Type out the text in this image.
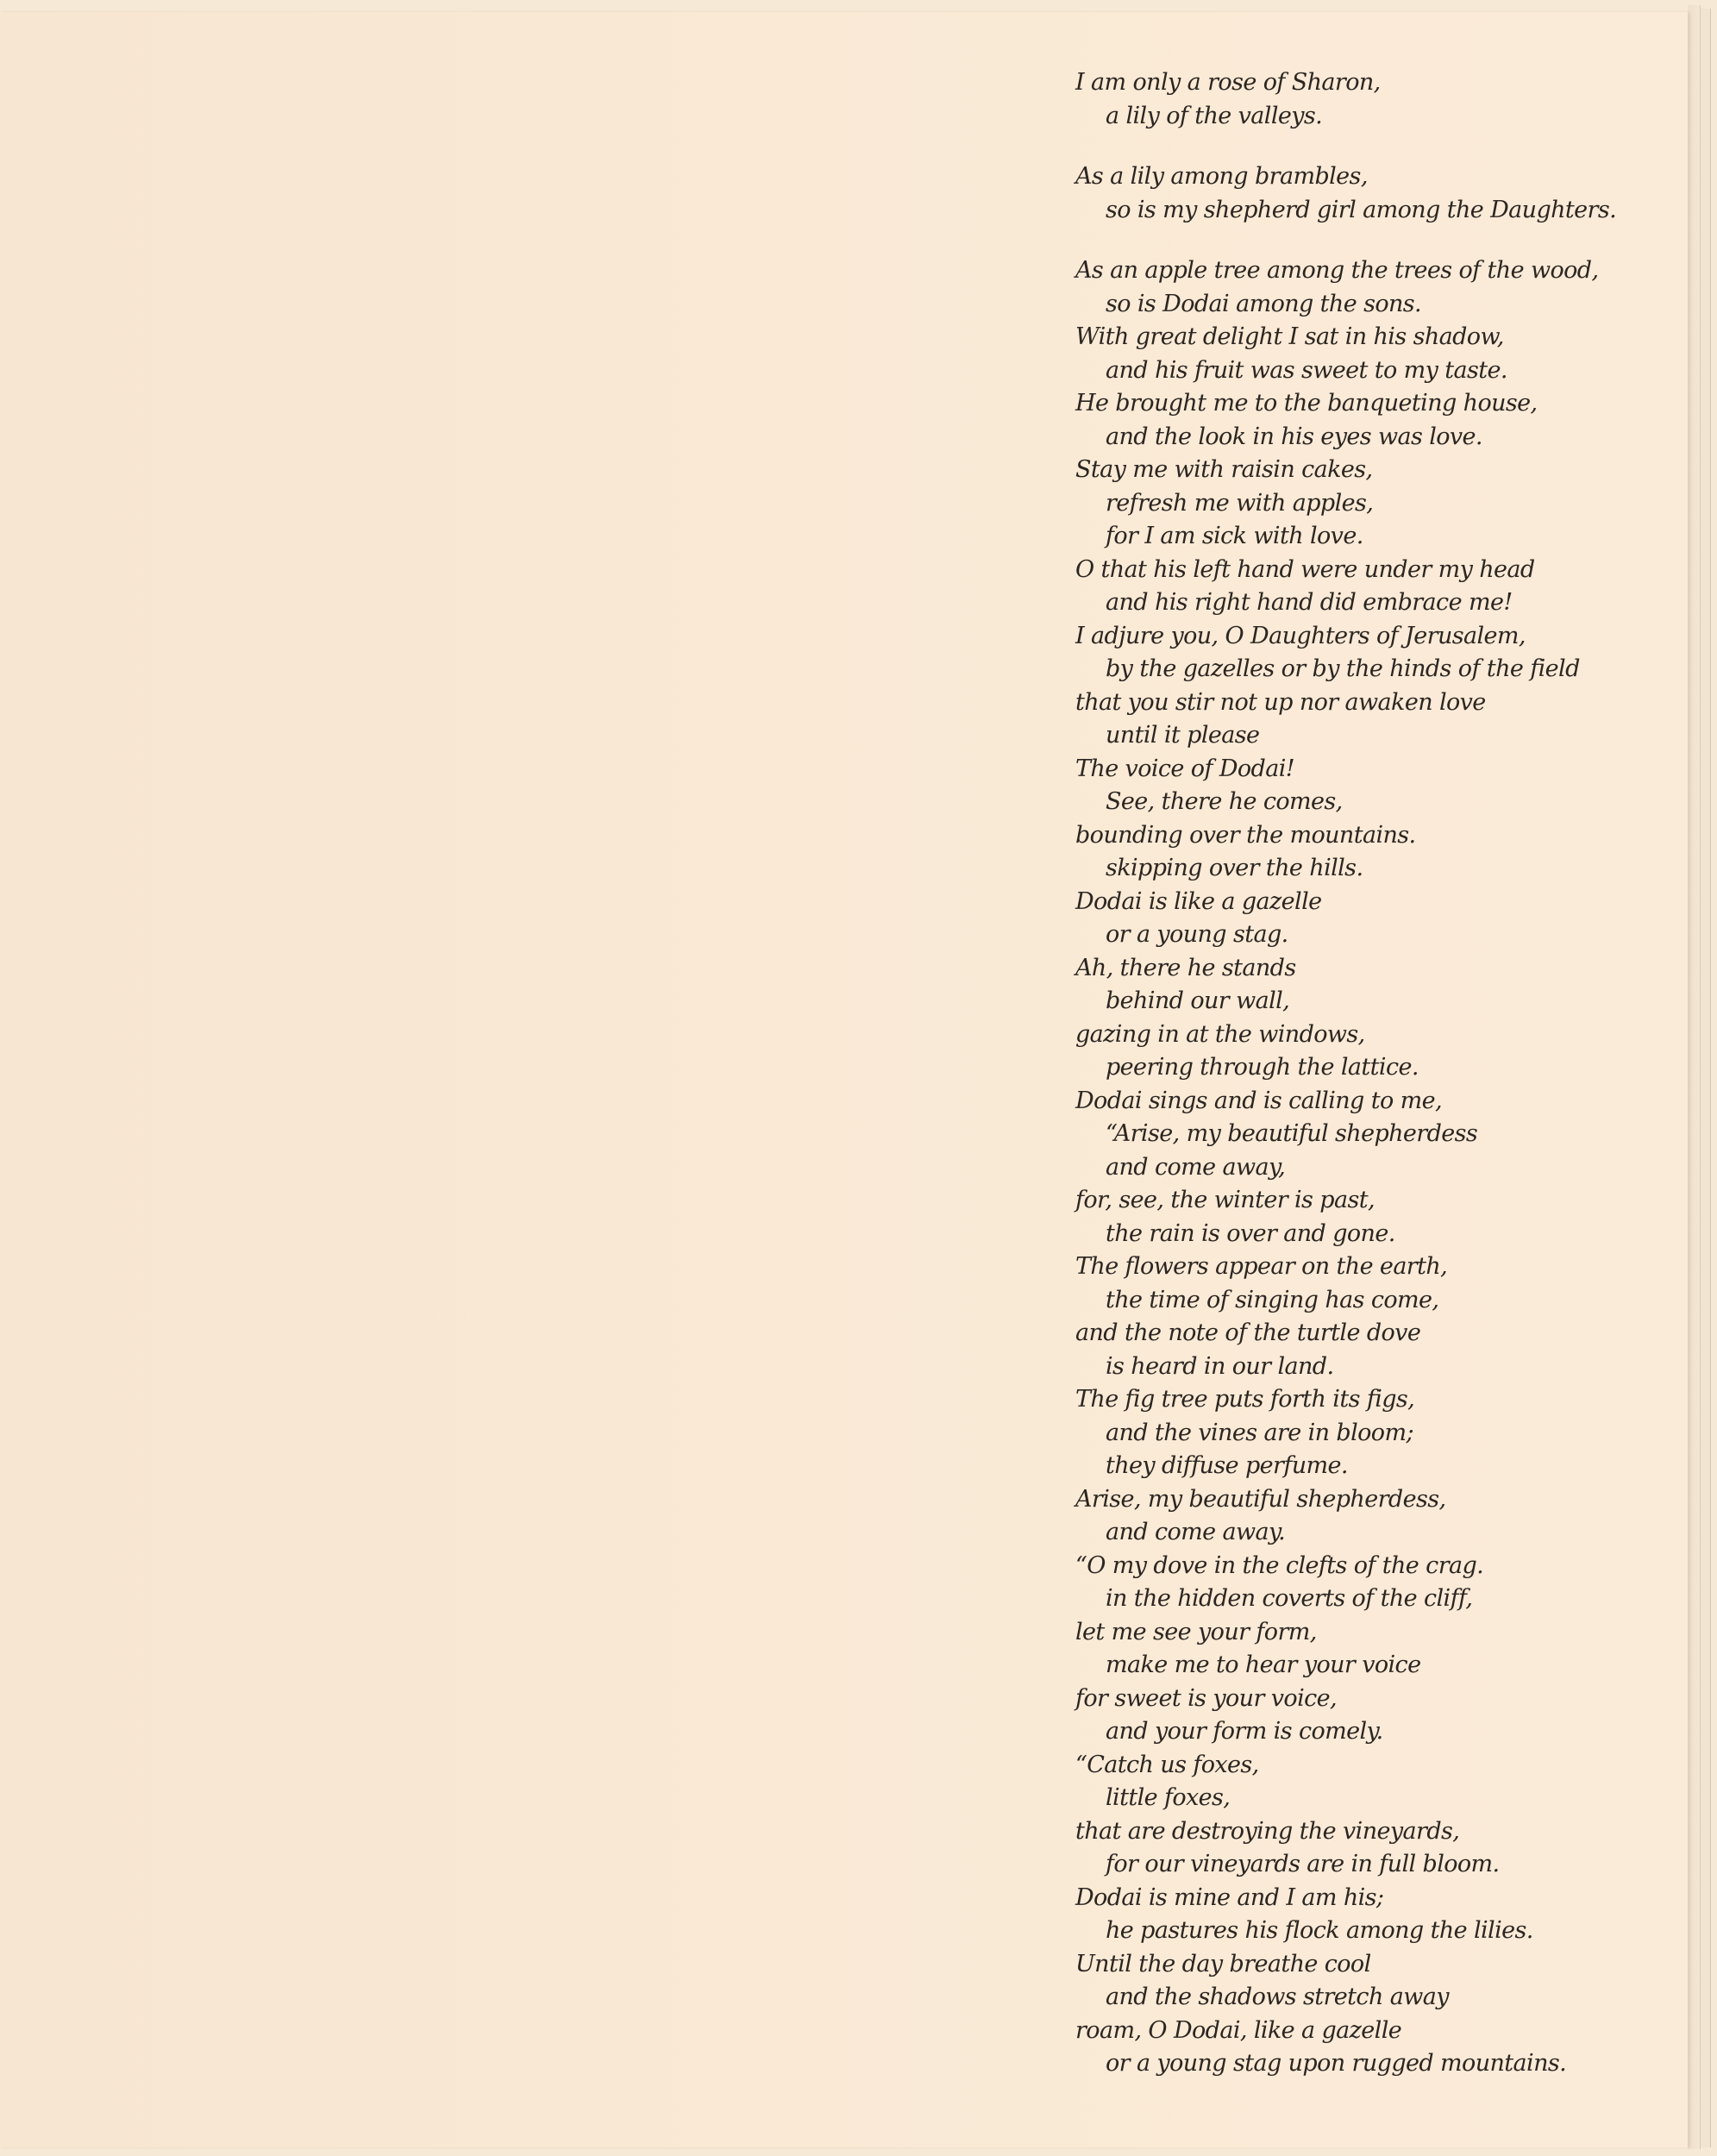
I am only a rose of Sharon,
a lily of the valleys.
As a lily among brambles,
so is my shepherd girl among the Daughters.
As an apple tree among the trees of the wood,
so is Dodai among the sons.
With great delight I sat in his shadow,
and his fruit was sweet to my taste.
He brought me to the banqueting house,
and the look in his eyes was love.
Stay me with raisin cakes,
refresh me with apples,
for I am sick with love.
O that his left hand were under my head
and his right hand did embrace me!
I adjure you, O Daughters of Jerusalem,
by the gazelles or by the hinds of the field
that you stir not up nor awaken love
until it please
The voice of Dodai!
See, there he comes,
bounding over the mountains.
skipping over the hills.
Dodai is like a gazelle
or a young stag.
Ah, there he stands
behind our wall,
gazing in at the windows,
peering through the lattice.
Dodai sings and is calling to me,
“Arise, my beautiful shepherdess
and come away,
for, see, the winter is past,
the rain is over and gone.
The flowers appear on the earth,
the time of singing has come,
and the note of the turtle dove
is heard in our land.
The fig tree puts forth its figs,
and the vines are in bloom;
they diffuse perfume.
Arise, my beautiful shepherdess,
and come away.
“O my dove in the clefts of the crag.
in the hidden coverts of the cliff,
let me see your form,
make me to hear your voice
for sweet is your voice,
and your form is comely.
“Catch us foxes,
little foxes,
that are destroying the vineyards,
for our vineyards are in full bloom.
Dodai is mine and I am his;
he pastures his flock among the lilies.
Until the day breathe cool
and the shadows stretch away
roam, O Dodai, like a gazelle
or a young stag upon rugged mountains.
